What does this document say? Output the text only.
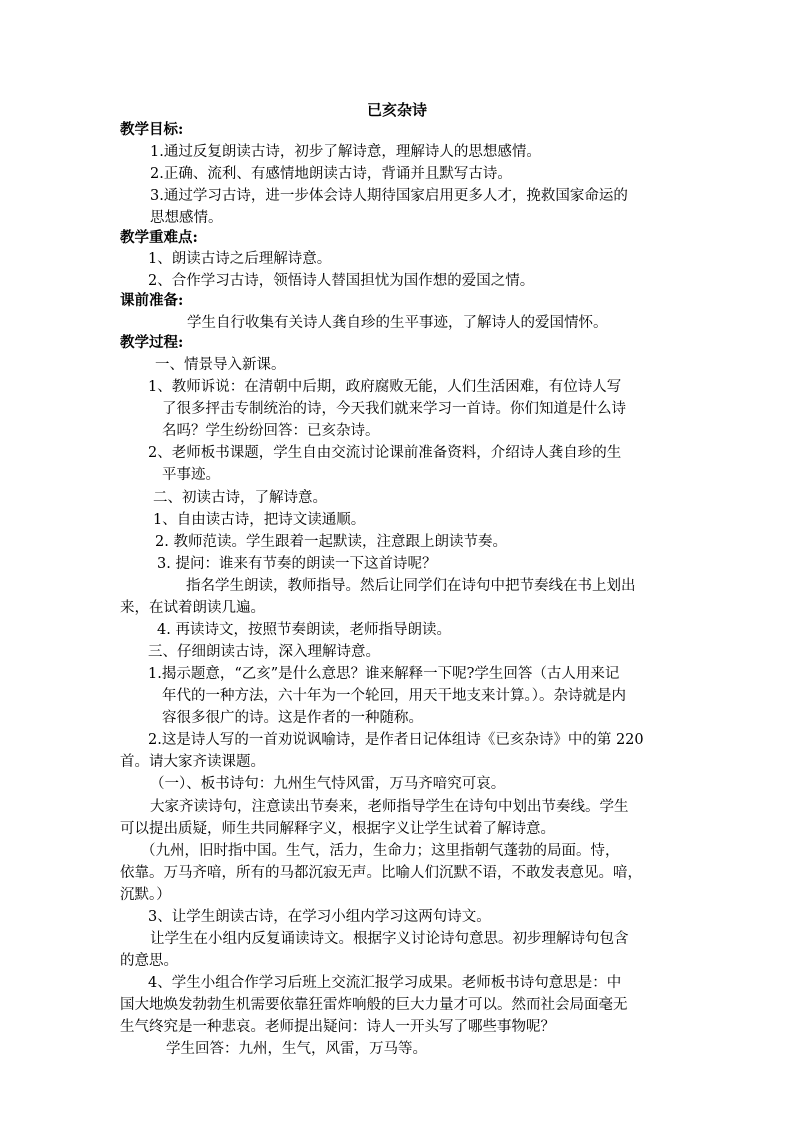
已亥杂诗
教学目标:
1.通过反复朗读古诗，初步了解诗意，理解诗人的思想感情。
2.正确、流利、有感情地朗读古诗，背诵并且默写古诗。
3.通过学习古诗，进一步体会诗人期待国家启用更多人才，挽救国家命运的
思想感情。
教学重难点:
1、朗读古诗之后理解诗意。
2、合作学习古诗，领悟诗人替国担忧为国作想的爱国之情。
课前准备:
学生自行收集有关诗人龚自珍的生平事迹，了解诗人的爱国情怀。
教学过程:
一、情景导入新课。
1、教师诉说：在清朝中后期，政府腐败无能，人们生活困难，有位诗人写
了很多抨击专制统治的诗，今天我们就来学习一首诗。你们知道是什么诗
名吗？学生纷纷回答：已亥杂诗。
2、老师板书课题，学生自由交流讨论课前准备资料，介绍诗人龚自珍的生
平事迹。
二、初读古诗，了解诗意。
1、自由读古诗，把诗文读通顺。
2. 教师范读。学生跟着一起默读，注意跟上朗读节奏。
3. 提问：谁来有节奏的朗读一下这首诗呢？
指名学生朗读，教师指导。然后让同学们在诗句中把节奏线在书上划出
来，在试着朗读几遍。
4. 再读诗文，按照节奏朗读，老师指导朗读。
三、仔细朗读古诗，深入理解诗意。
1.揭示题意，“乙亥”是什么意思？谁来解释一下呢?学生回答（古人用来记
年代的一种方法，六十年为一个轮回，用天干地支来计算。）。杂诗就是内
容很多很广的诗。这是作者的一种随称。
2.这是诗人写的一首劝说讽喻诗，是作者日记体组诗《已亥杂诗》中的第 220
首。请大家齐读课题。
（一）、板书诗句：九州生气恃风雷，万马齐喑究可哀。
大家齐读诗句，注意读出节奏来，老师指导学生在诗句中划出节奏线。学生
可以提出质疑，师生共同解释字义，根据字义让学生试着了解诗意。
（九州，旧时指中国。生气，活力，生命力；这里指朝气蓬勃的局面。恃，
依靠。万马齐喑，所有的马都沉寂无声。比喻人们沉默不语，不敢发表意见。喑，
沉默。）
3、让学生朗读古诗，在学习小组内学习这两句诗文。
让学生在小组内反复诵读诗文。根据字义讨论诗句意思。初步理解诗句包含
的意思。
4、学生小组合作学习后班上交流汇报学习成果。老师板书诗句意思是：中
国大地焕发勃勃生机需要依靠狂雷炸响般的巨大力量才可以。然而社会局面毫无
生气终究是一种悲哀。老师提出疑问：诗人一开头写了哪些事物呢？
学生回答：九州，生气，风雷，万马等。
